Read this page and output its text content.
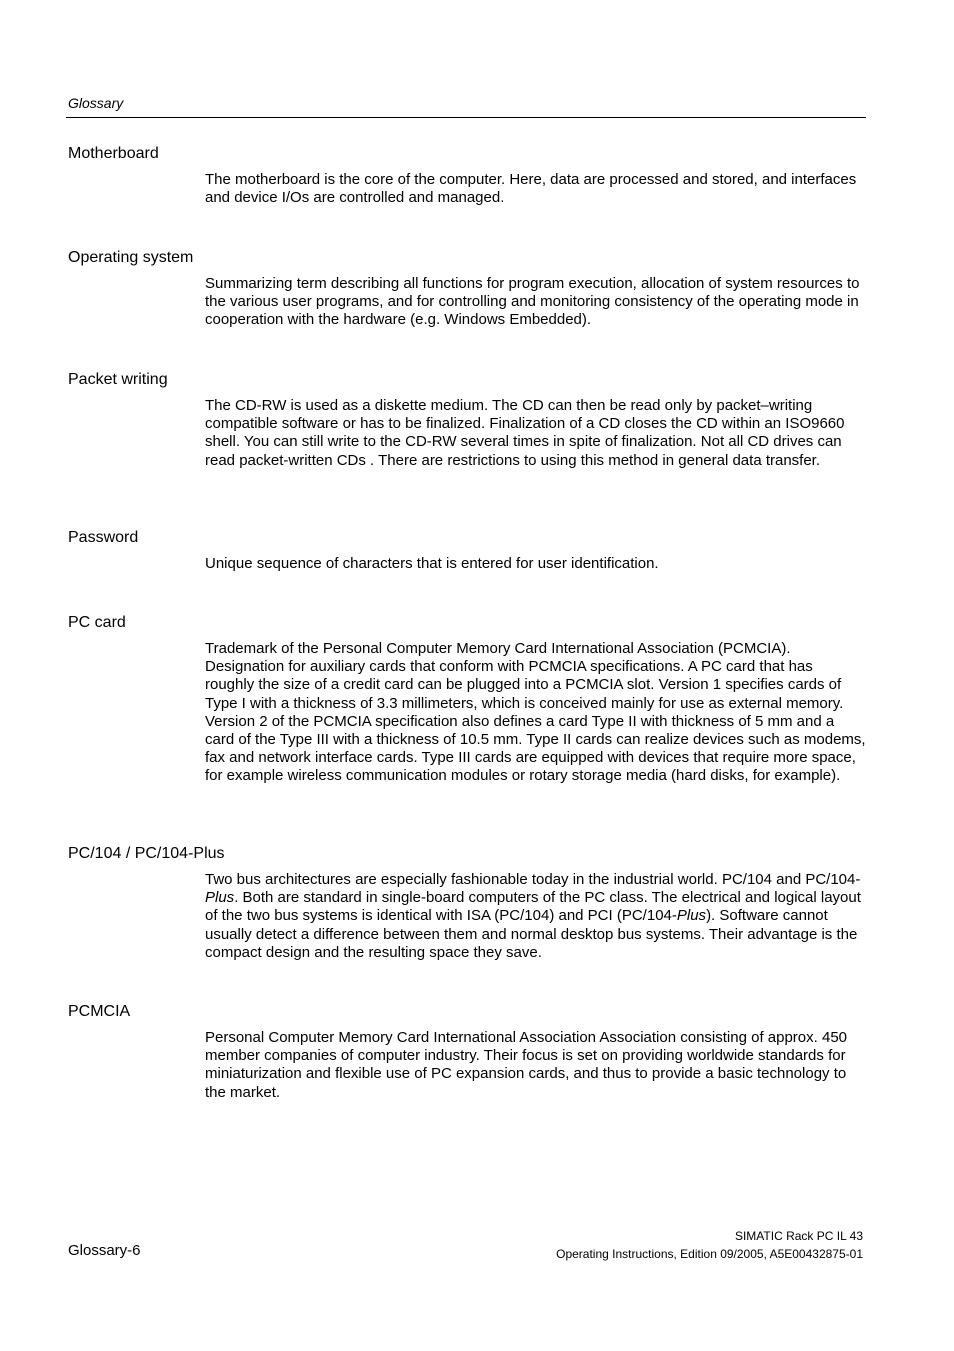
Glossary
Motherboard

The motherboard is the core of the computer. Here, data are processed and stored, and interfaces and device I/Os are controlled and managed.

Operating system

Summarizing term describing all functions for program execution, allocation of system resources to the various user programs, and for controlling and monitoring consistency of the operating mode in cooperation with the hardware (e.g. Windows Embedded).

Packet writing

The CD-RW is used as a diskette medium. The CD can then be read only by packet–writing compatible software or has to be finalized. Finalization of a CD closes the CD within an ISO9660 shell. You can still write to the CD-RW several times in spite of finalization. Not all CD drives can read packet-written CDs . There are restrictions to using this method in general data transfer.

Password

Unique sequence of characters that is entered for user identification.

PC card

Trademark of the Personal Computer Memory Card International Association (PCMCIA). Designation for auxiliary cards that conform with PCMCIA specifications. A PC card that has roughly the size of a credit card can be plugged into a PCMCIA slot. Version 1 specifies cards of Type I with a thickness of 3.3 millimeters, which is conceived mainly for use as external memory. Version 2 of the PCMCIA specification also defines a card Type II with thickness of 5 mm and a card of the Type III with a thickness of 10.5 mm. Type II cards can realize devices such as modems, fax and network interface cards. Type III cards are equipped with devices that require more space, for example wireless communication modules or rotary storage media (hard disks, for example).

PC/104 / PC/104-Plus

Two bus architectures are especially fashionable today in the industrial world. PC/104 and PC/104-Plus. Both are standard in single-board computers of the PC class. The electrical and logical layout of the two bus systems is identical with ISA (PC/104) and PCI (PC/104-Plus). Software cannot usually detect a difference between them and normal desktop bus systems. Their advantage is the compact design and the resulting space they save.

PCMCIA

Personal Computer Memory Card International Association Association consisting of approx. 450 member companies of computer industry. Their focus is set on providing worldwide standards for miniaturization and flexible use of PC expansion cards, and thus to provide a basic technology to the market.

Glossary-6
SIMATIC Rack PC IL 43
Operating Instructions, Edition 09/2005, A5E00432875-01
